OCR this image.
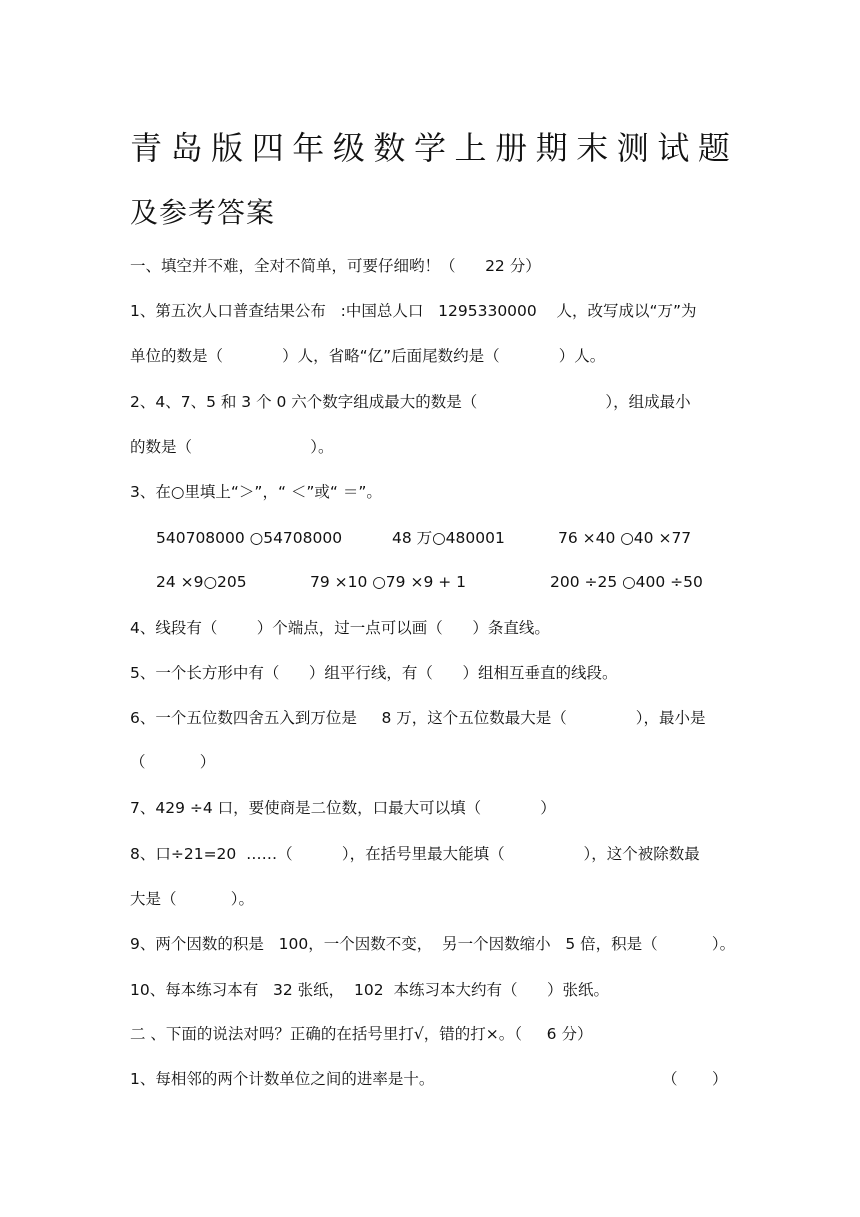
青 岛 版 四 年 级 数 学 上 册 期 末 测 试 题
及参考答案
一、填空并不难，全对不简单，可要仔细哟！（      22 分）
1、第五次人口普查结果公布   :中国总人口   1295330000    人，改写成以“万”为
单位的数是（            ）人，省略“亿”后面尾数约是（            ）人。
2、4、7、5 和 3 个 0 六个数字组成最大的数是（                          ），组成最小
的数是（                        ）。
3、在○里填上“＞”，“ ＜”或“ ＝”。
540708000 ○54708000	48 万○480001	76 ×40 ○40 ×77
24 ×9○205	79 ×10 ○79 ×9 + 1	200 ÷25 ○400 ÷50
4、线段有（        ）个端点，过一点可以画（      ）条直线。
5、一个长方形中有（      ）组平行线，有（      ）组相互垂直的线段。
6、一个五位数四舍五入到万位是     8 万，这个五位数最大是（              ），最小是
（           ）
7、429 ÷4 口，要使商是二位数，口最大可以填（            ）
8、口÷21=20  ……（          ），在括号里最大能填（                ），这个被除数最
大是（           ）。
9、两个因数的积是   100，一个因数不变，  另一个因数缩小   5 倍，积是（           ）。
10、每本练习本有   32 张纸，  102  本练习本大约有（      ）张纸。
二 、下面的说法对吗？正确的在括号里打√，错的打×。（     6 分）
1、每相邻的两个计数单位之间的进率是十。	（       ）
